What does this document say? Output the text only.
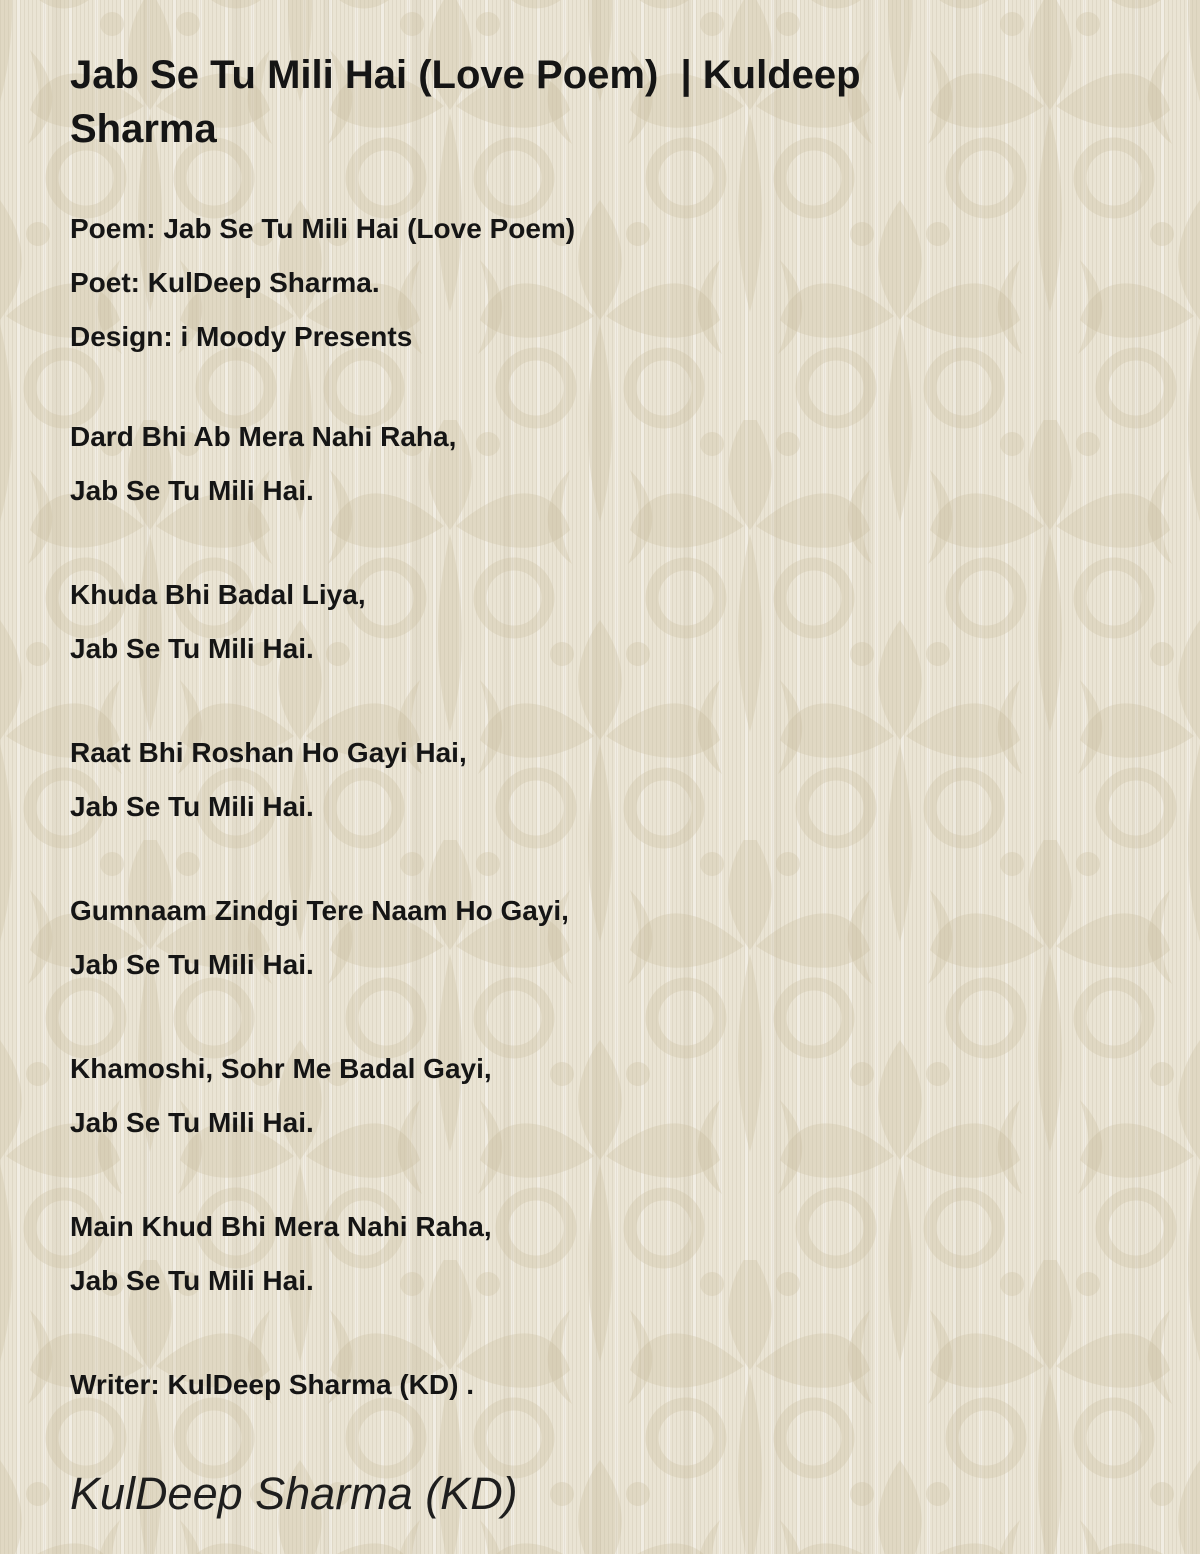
Jab Se Tu Mili Hai (Love Poem)  | Kuldeep Sharma

Poem: Jab Se Tu Mili Hai (Love Poem)

Poet: KulDeep Sharma.

Design: i Moody Presents

Dard Bhi Ab Mera Nahi Raha,

Jab Se Tu Mili Hai.

Khuda Bhi Badal Liya,

Jab Se Tu Mili Hai.

Raat Bhi Roshan Ho Gayi Hai,

Jab Se Tu Mili Hai.

Gumnaam Zindgi Tere Naam Ho Gayi,

Jab Se Tu Mili Hai.

Khamoshi, Sohr Me Badal Gayi,

Jab Se Tu Mili Hai.

Main Khud Bhi Mera Nahi Raha,

Jab Se Tu Mili Hai.

Writer: KulDeep Sharma (KD) .

KulDeep Sharma (KD)
